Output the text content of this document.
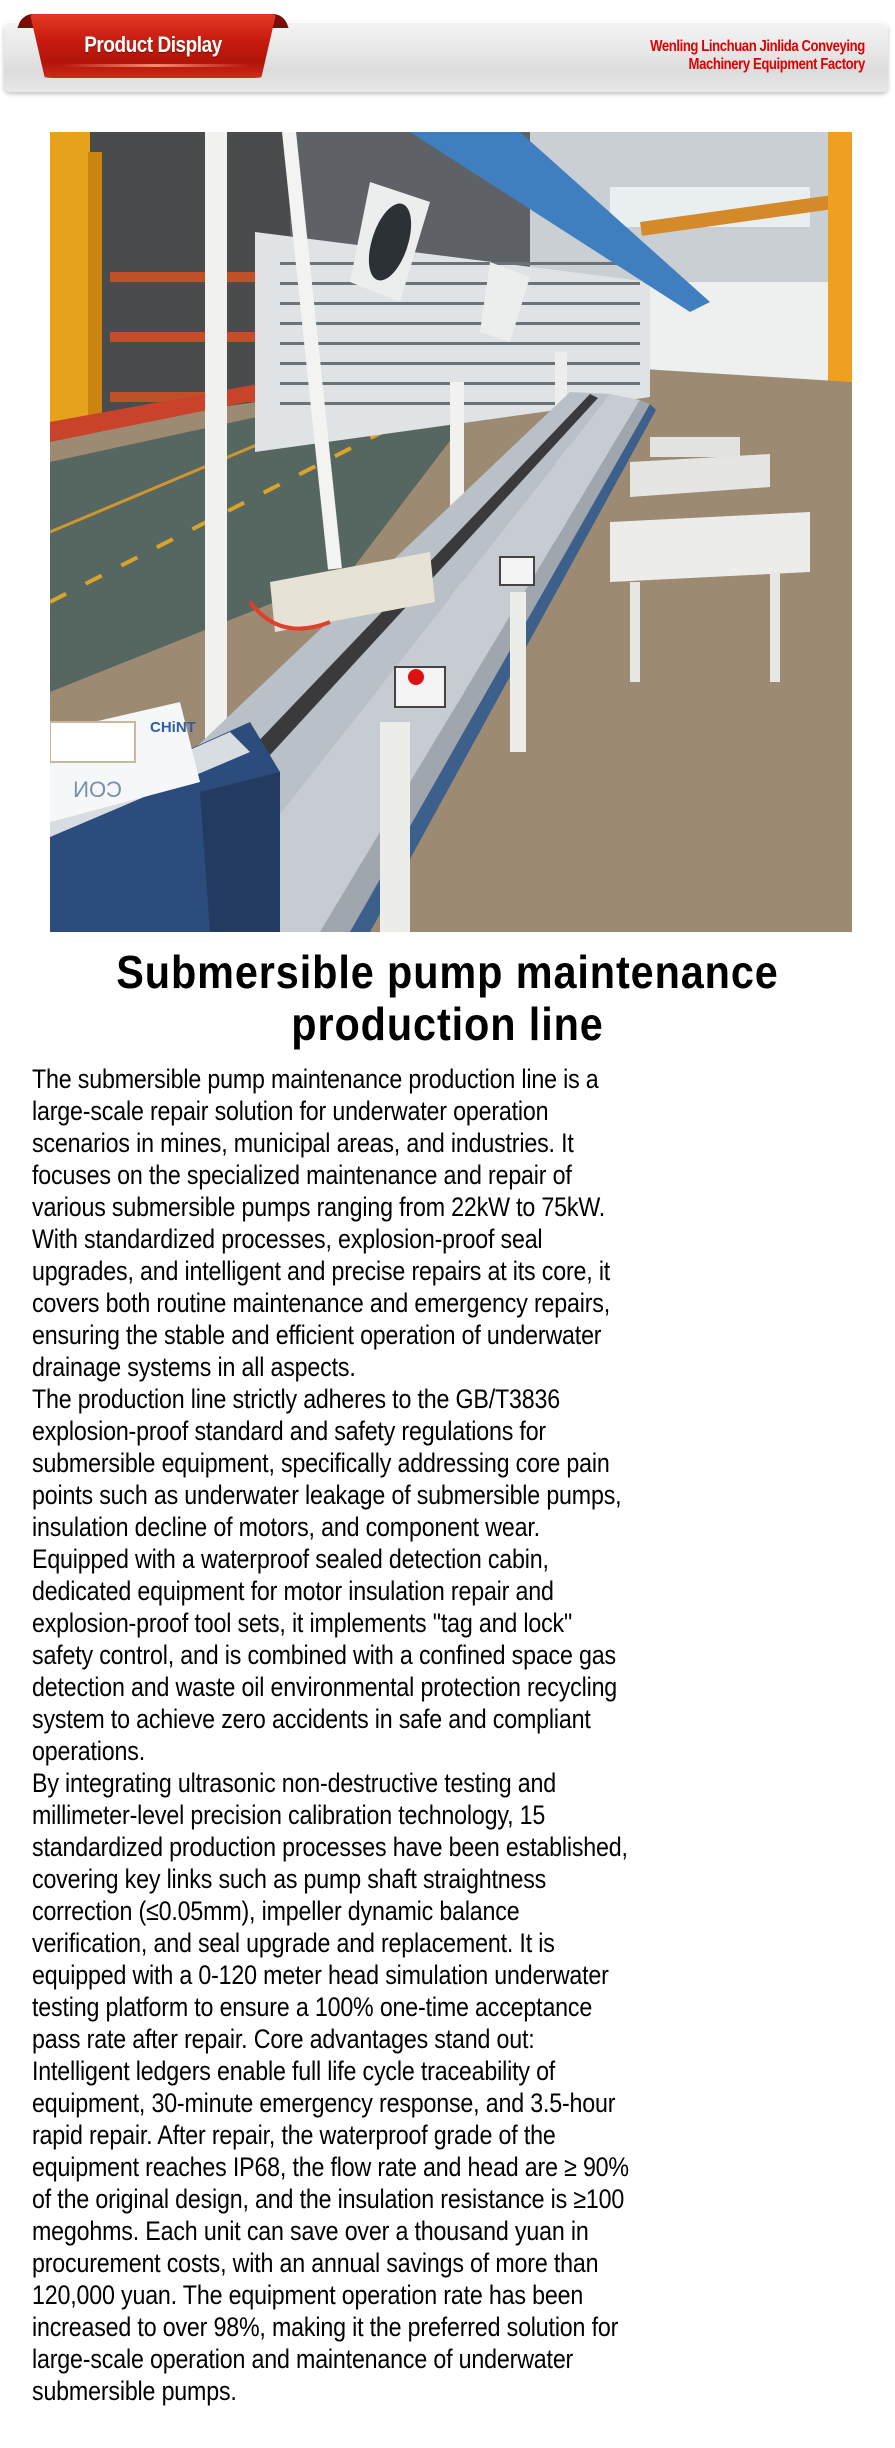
Product Display	Wenling Linchuan Jinlida Conveying
Machinery Equipment Factory
CHiNT
CON
Submersible pump maintenance
production line
The submersible pump maintenance production line is a
large-scale repair solution for underwater operation
scenarios in mines, municipal areas, and industries. It
focuses on the specialized maintenance and repair of
various submersible pumps ranging from 22kW to 75kW.
With standardized processes, explosion-proof seal
upgrades, and intelligent and precise repairs at its core, it
covers both routine maintenance and emergency repairs,
ensuring the stable and efficient operation of underwater
drainage systems in all aspects.
The production line strictly adheres to the GB/T3836
explosion-proof standard and safety regulations for
submersible equipment, specifically addressing core pain
points such as underwater leakage of submersible pumps,
insulation decline of motors, and component wear.
Equipped with a waterproof sealed detection cabin,
dedicated equipment for motor insulation repair and
explosion-proof tool sets, it implements "tag and lock"
safety control, and is combined with a confined space gas
detection and waste oil environmental protection recycling
system to achieve zero accidents in safe and compliant
operations.
By integrating ultrasonic non-destructive testing and
millimeter-level precision calibration technology, 15
standardized production processes have been established,
covering key links such as pump shaft straightness
correction (≤0.05mm), impeller dynamic balance
verification, and seal upgrade and replacement. It is
equipped with a 0-120 meter head simulation underwater
testing platform to ensure a 100% one-time acceptance
pass rate after repair. Core advantages stand out:
Intelligent ledgers enable full life cycle traceability of
equipment, 30-minute emergency response, and 3.5-hour
rapid repair. After repair, the waterproof grade of the
equipment reaches IP68, the flow rate and head are ≥ 90%
of the original design, and the insulation resistance is ≥100
megohms. Each unit can save over a thousand yuan in
procurement costs, with an annual savings of more than
120,000 yuan. The equipment operation rate has been
increased to over 98%, making it the preferred solution for
large-scale operation and maintenance of underwater
submersible pumps.
